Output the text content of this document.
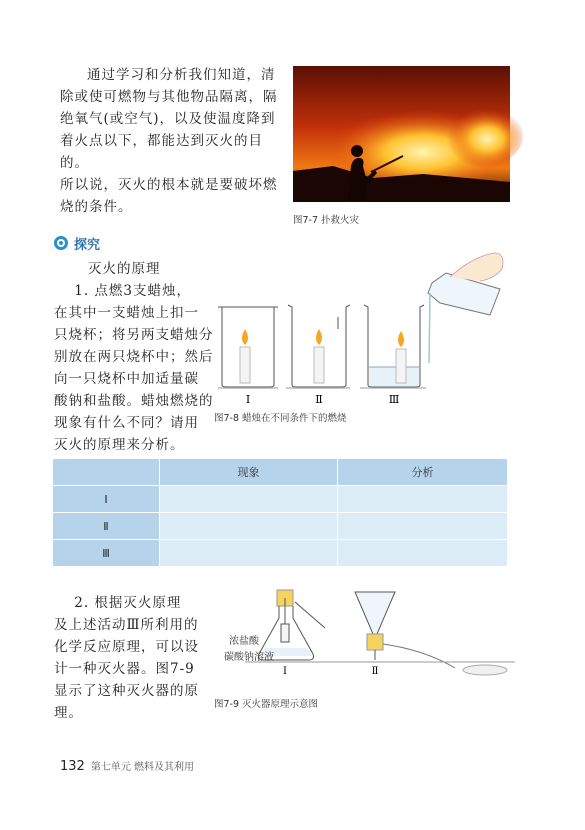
通过学习和分析我们知道，清

除或使可燃物与其他物品隔离，隔

绝氧气(或空气)，以及使温度降到

着火点以下，都能达到灭火的目的。

所以说，灭火的根本就是要破坏燃

烧的条件。

图7-7 扑救火灾
探究
灭火的原理

1. 点燃3支蜡烛，

在其中一支蜡烛上扣一

只烧杯；将另两支蜡烛分

别放在两只烧杯中；然后

向一只烧杯中加适量碳

酸钠和盐酸。蜡烛燃烧的

现象有什么不同？请用

灭火的原理来分析。

Ⅰ	Ⅱ	Ⅲ
图7-8 蜡烛在不同条件下的燃烧
	现象	分析
Ⅰ		
Ⅱ		
Ⅲ		

2. 根据灭火原理

及上述活动Ⅲ所利用的

化学反应原理，可以设

计一种灭火器。图7-9

显示了这种灭火器的原

理。

Ⅰ	Ⅱ
浓盐酸
碳酸钠溶液
图7-9 灭火器原理示意图
132 第七单元 燃料及其利用
